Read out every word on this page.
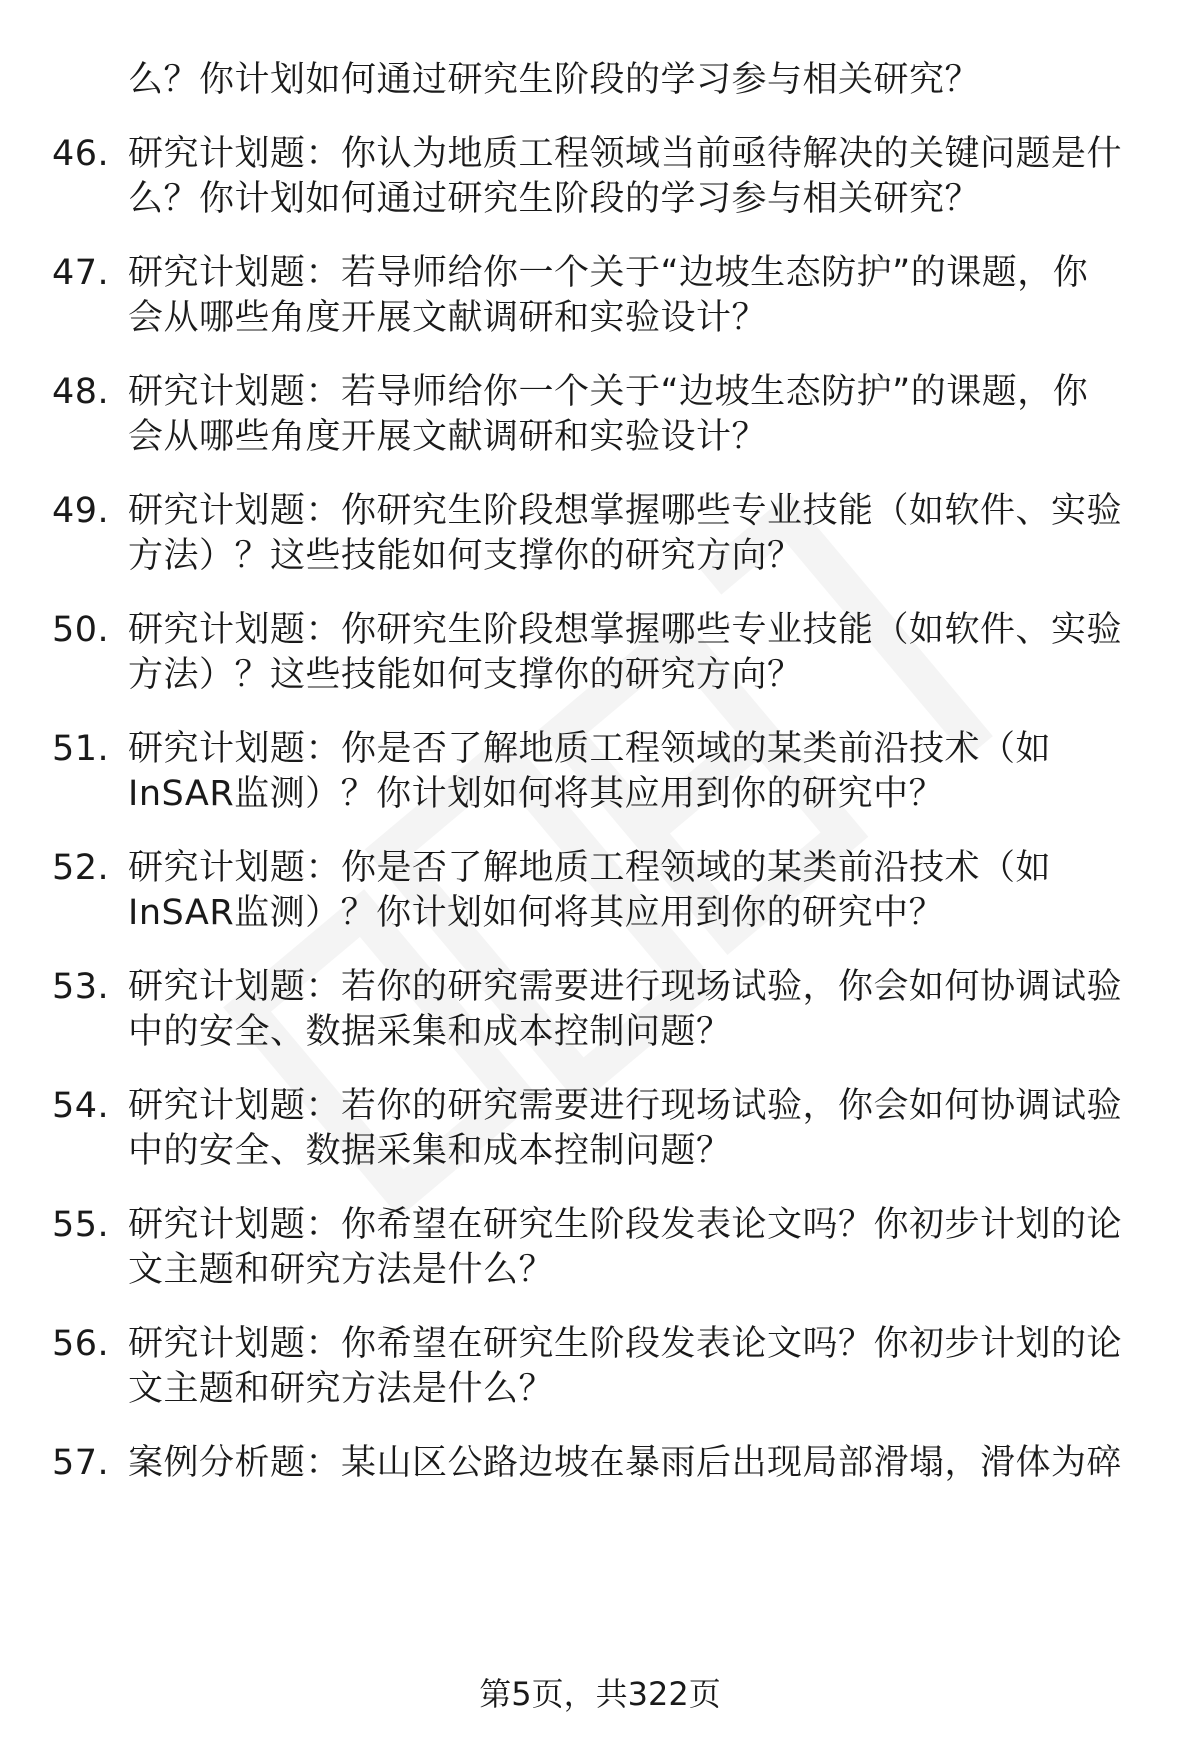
么？你计划如何通过研究生阶段的学习参与相关研究？
46. 研究计划题：你认为地质工程领域当前亟待解决的关键问题是什
么？你计划如何通过研究生阶段的学习参与相关研究？
47. 研究计划题：若导师给你一个关于“边坡生态防护”的课题，你
会从哪些角度开展文献调研和实验设计？
48. 研究计划题：若导师给你一个关于“边坡生态防护”的课题，你
会从哪些角度开展文献调研和实验设计？
49. 研究计划题：你研究生阶段想掌握哪些专业技能（如软件、实验
方法）？这些技能如何支撑你的研究方向？
50. 研究计划题：你研究生阶段想掌握哪些专业技能（如软件、实验
方法）？这些技能如何支撑你的研究方向？
51. 研究计划题：你是否了解地质工程领域的某类前沿技术（如
InSAR监测）？你计划如何将其应用到你的研究中？
52. 研究计划题：你是否了解地质工程领域的某类前沿技术（如
InSAR监测）？你计划如何将其应用到你的研究中？
53. 研究计划题：若你的研究需要进行现场试验，你会如何协调试验
中的安全、数据采集和成本控制问题？
54. 研究计划题：若你的研究需要进行现场试验，你会如何协调试验
中的安全、数据采集和成本控制问题？
55. 研究计划题：你希望在研究生阶段发表论文吗？你初步计划的论
文主题和研究方法是什么？
56. 研究计划题：你希望在研究生阶段发表论文吗？你初步计划的论
文主题和研究方法是什么？
57. 案例分析题：某山区公路边坡在暴雨后出现局部滑塌，滑体为碎
第5页，共322页
